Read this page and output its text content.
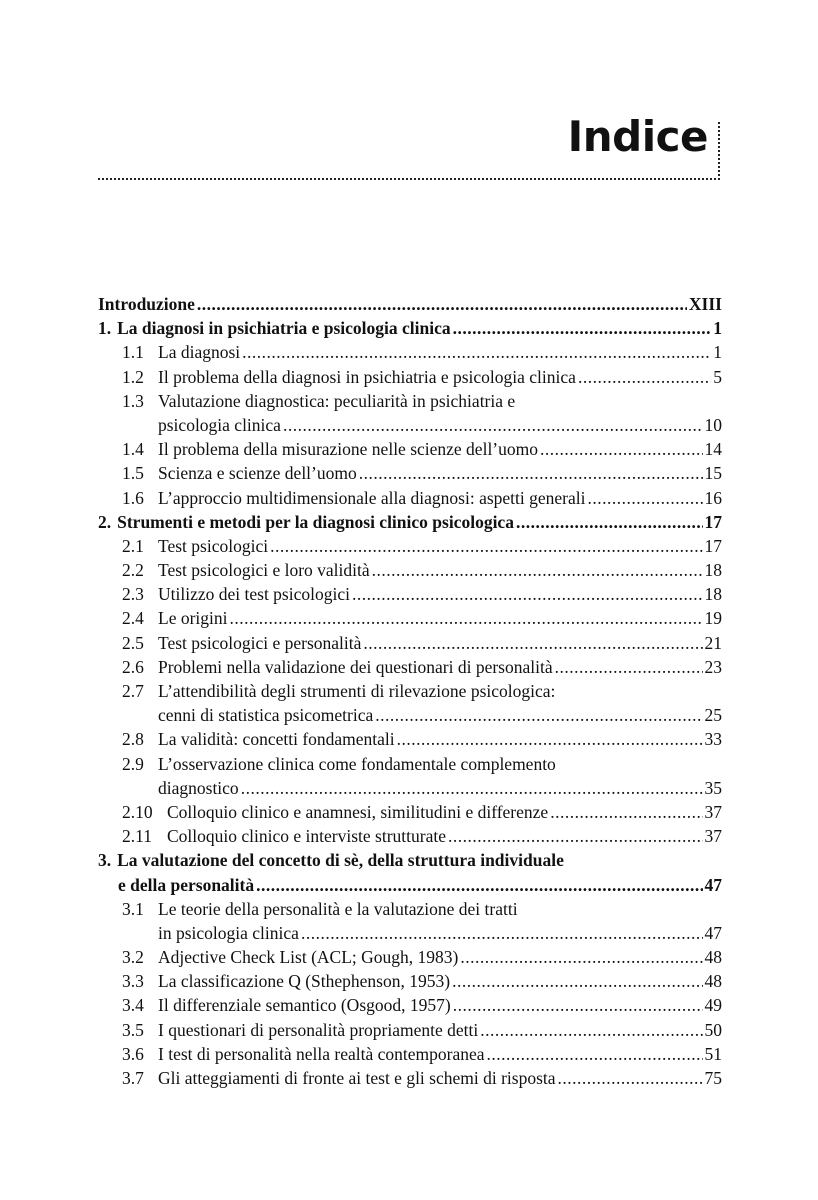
Indice
Introduzione .....	XIII
1. La diagnosi in psichiatria e psicologia clinica .....	1
1.1 La diagnosi .....	1
1.2 Il problema della diagnosi in psichiatria e psicologia clinica .....	5
1.3 Valutazione diagnostica: peculiarità in psichiatria e
psicologia clinica .....	10
1.4 Il problema della misurazione nelle scienze dell’uomo .....	14
1.5 Scienza e scienze dell’uomo .....	15
1.6 L’approccio multidimensionale alla diagnosi: aspetti generali .....	16
2. Strumenti e metodi per la diagnosi clinico psicologica .....	17
2.1 Test psicologici .....	17
2.2 Test psicologici e loro validità .....	18
2.3 Utilizzo dei test psicologici .....	18
2.4 Le origini .....	19
2.5 Test psicologici e personalità .....	21
2.6 Problemi nella validazione dei questionari di personalità .....	23
2.7 L’attendibilità degli strumenti di rilevazione psicologica:
cenni di statistica psicometrica .....	25
2.8 La validità: concetti fondamentali .....	33
2.9 L’osservazione clinica come fondamentale complemento
diagnostico .....	35
2.10 Colloquio clinico e anamnesi, similitudini e differenze .....	37
2.11 Colloquio clinico e interviste strutturate .....	37
3. La valutazione del concetto di sè, della struttura individuale
e della personalità .....	47
3.1 Le teorie della personalità e la valutazione dei tratti
in psicologia clinica .....	47
3.2 Adjective Check List (ACL; Gough, 1983) .....	48
3.3 La classificazione Q (Sthephenson, 1953) .....	48
3.4 Il differenziale semantico (Osgood, 1957) .....	49
3.5 I questionari di personalità propriamente detti .....	50
3.6 I test di personalità nella realtà contemporanea .....	51
3.7 Gli atteggiamenti di fronte ai test e gli schemi di risposta .....	75
